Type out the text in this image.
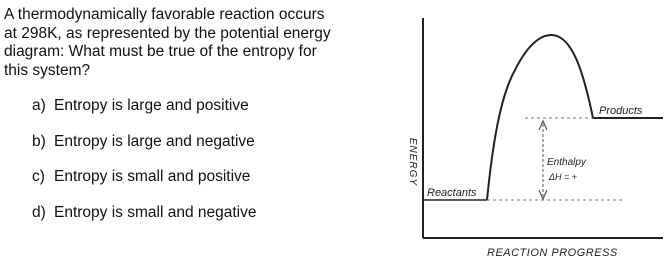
A thermodynamically favorable reaction occurs
at 298K, as represented by the potential energy
diagram: What must be true of the entropy for
this system?
a) Entropy is large and positive
b) Entropy is large and negative
c) Entropy is small and positive
d) Entropy is small and negative
Reactants
Products
Enthalpy
ΔH = +
ENERGY
REACTION PROGRESS
